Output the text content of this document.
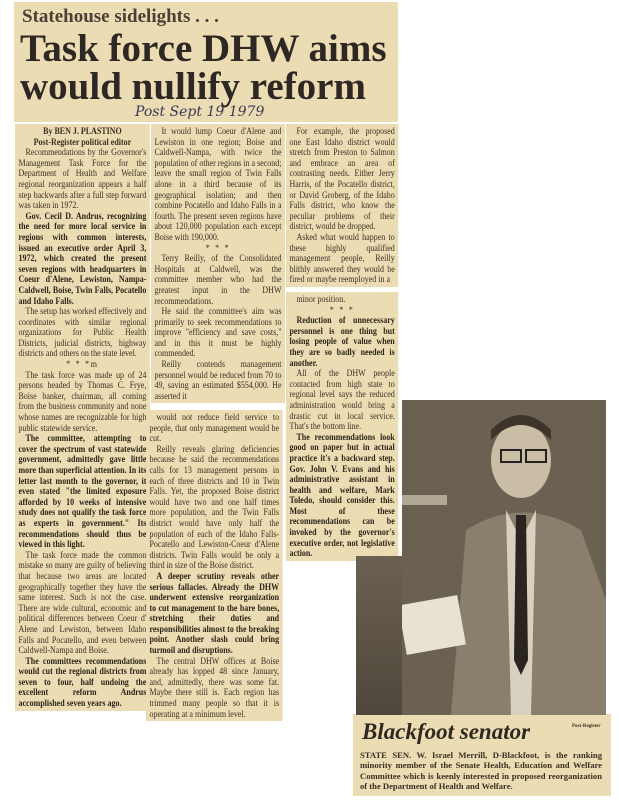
Statehouse sidelights . . .
Task force DHW aims would nullify reform
Post Sept 19 1979

By BEN J. PLASTINO

Post-Register political editor

Recommendations by the Governor's Management Task Force for the Department of Health and Welfare regional reorganization appears a half step backwards after a full step forward was taken in 1972.

Gov. Cecil D. Andrus, recognizing the need for more local service in regions with common interests, issued an executive order April 3, 1972, which created the present seven regions with headquarters in Coeur d'Alene, Lewiston, Nampa-Caldwell, Boise, Twin Falls, Pocatello and Idaho Falls.

The setup has worked effectively and coordinates with similar regional organizations for Public Health Districts, judicial districts, highway districts and others on the state level.

* * *m

The task force was made up of 24 persons headed by Thomas C. Frye, Boise banker, chairman, all coming from the business community and none whose names are recognizable for high public statewide service.

The committee, attempting to cover the spectrum of vast statewide government, admittedly gave little more than superficial attention. In its letter last month to the governor, it even stated "the limited exposure afforded by 10 weeks of intensive study does not qualify the task force as experts in government." Its recommendations should thus be viewed in this light.

The task force made the common mistake so many are guilty of believing that because two areas are located geographically together they have the same interest. Such is not the case. There are wide cultural, economic and political differences between Coeur d' Alene and Lewiston, between Idaho Falls and Pocatello, and even between Caldwell-Nampa and Boise.

The committees recommendations would cut the regional districts from seven to four, half undoing the excellent reform Andrus accomplished seven years ago.

It would lump Coeur d'Alene and Lewiston in one region; Boise and Caldwell-Nampa, with twice the population of other regions in a second; leave the small region of Twin Falls alone in a third because of its geographical isolation; and then combine Pocatello and Idaho Falls in a fourth. The present seven regions have about 120,000 population each except Boise with 190,000.

* * *

Terry Reilly, of the Consolidated Hospitals at Caldwell, was the committee member who had the greatest input in the DHW recommendations.

He said the committee's aim was primarily to seek recommendations to improve "efficiency and save costs," and in this it must be highly commended.

Reilly contends management personnel would be reduced from 70 to 49, saving an estimated $554,000. He asserted it

For example, the proposed one East Idaho district would stretch from Preston to Salmon and embrace an area of contrasting needs. Either Jerry Harris, of the Pocatello district, or David Groberg, of the Idaho Falls district, who know the peculiar problems of their district, would be dropped.

Asked what would happen to these highly qualified management people, Reilly blithly answered they would be fired or maybe reemployed in a

minor position.

* * *

Reduction of unnecessary personnel is one thing but losing people of value when they are so badly needed is another.

All of the DHW people contacted from high state to regional level says the reduced administration would bring a drastic cut in local service. That's the bottom line.

The recommendations look good on paper but in actual practice it's a backward step. Gov. John V. Evans and his administrative assistant in health and welfare, Mark Toledo, should consider this. Most of these recommendations can be invoked by the governor's executive order, not legislative action.

would not reduce field service to people, that only management would be cut.

Reilly reveals glaring deficiencies because he said the recommendations calls for 13 management persons in each of three districts and 10 in Twin Falls. Yet, the proposed Boise district would have two and one half times more population, and the Twin Falls district would have only half the population of each of the Idaho Falls-Pocatello and Lewiston-Coeur d'Alene districts. Twin Falls would be only a third in size of the Boise district.

A deeper scrutiny reveals other serious fallacies. Already the DHW underwent extensive reorganization to cut management to the bare bones, stretching their duties and responsibilities almost to the breaking point. Another slash could bring turmoil and disruptions.

The central DHW offices at Boise already has lopped 48 since January, and, admittedly, there was some fat. Maybe there still is. Each region has trimmed many people so that it is operating at a minimum level.

Blackfoot senator	Post-Register
STATE SEN. W. Israel Merrill, D-Blackfoot, is the ranking minority member of the Senate Health, Education and Welfare Committee which is keenly interested in proposed reorganization of the Department of Health and Welfare.
